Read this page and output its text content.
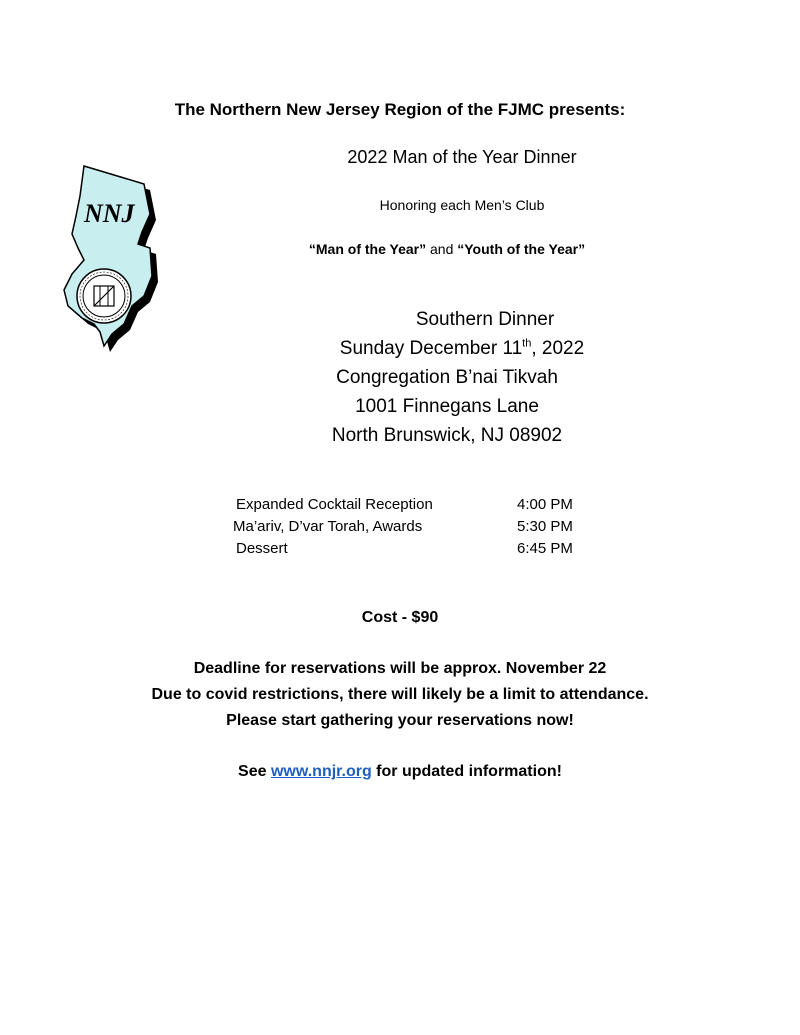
NNJ
The Northern New Jersey Region of the FJMC presents:
2022 Man of the Year Dinner
Honoring each Men’s Club
“Man of the Year” and “Youth of the Year”
Southern Dinner
Sunday December 11th, 2022
Congregation B’nai Tikvah
1001 Finnegans Lane
North Brunswick, NJ 08902
Expanded Cocktail Reception	4:00 PM
Ma’ariv, D’var Torah, Awards	5:30 PM
Dessert	6:45 PM
Cost - $90
Deadline for reservations will be approx. November 22
Due to covid restrictions, there will likely be a limit to attendance.
Please start gathering your reservations now!
See www.nnjr.org for updated information!
